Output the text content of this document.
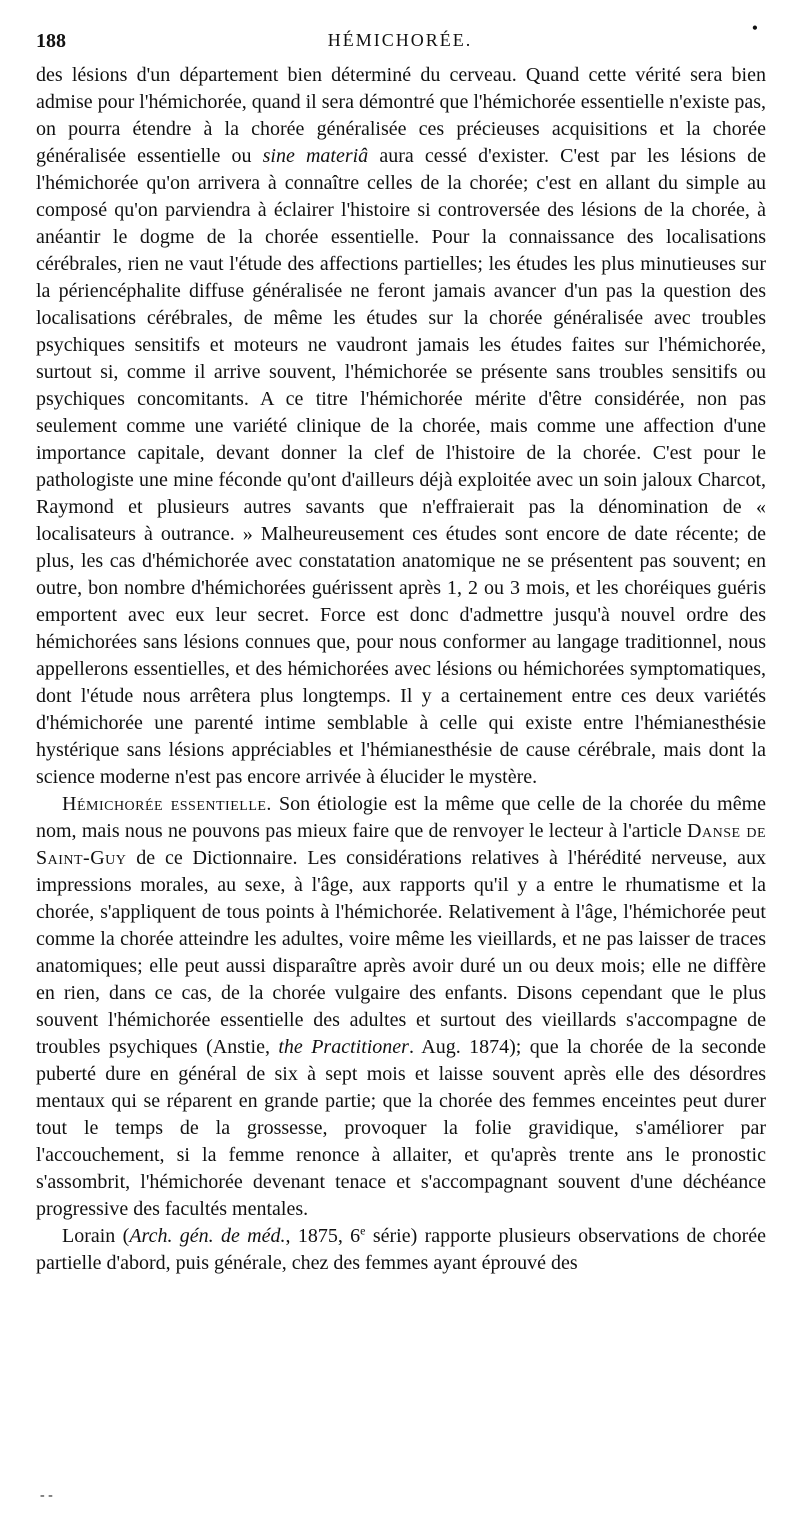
188	HÉMICHORÉE.
•

des lésions d'un département bien déterminé du cerveau. Quand cette vérité sera bien admise pour l'hémichorée, quand il sera démontré que l'hémichorée essentielle n'existe pas, on pourra étendre à la chorée généralisée ces précieuses acquisitions et la chorée généralisée essentielle ou sine materiâ aura cessé d'exister. C'est par les lésions de l'hémichorée qu'on arrivera à connaître celles de la chorée; c'est en allant du simple au composé qu'on parviendra à éclairer l'histoire si controversée des lésions de la chorée, à anéantir le dogme de la chorée essentielle. Pour la connaissance des localisations cérébrales, rien ne vaut l'étude des affections partielles; les études les plus minutieuses sur la périencéphalite diffuse généralisée ne feront jamais avancer d'un pas la question des localisations cérébrales, de même les études sur la chorée généralisée avec troubles psychiques sensitifs et moteurs ne vaudront jamais les études faites sur l'hémichorée, surtout si, comme il arrive souvent, l'hémichorée se présente sans troubles sensitifs ou psychiques concomitants. A ce titre l'hémichorée mérite d'être considérée, non pas seulement comme une variété clinique de la chorée, mais comme une affection d'une importance capitale, devant donner la clef de l'histoire de la chorée. C'est pour le pathologiste une mine féconde qu'ont d'ailleurs déjà exploitée avec un soin jaloux Charcot, Raymond et plusieurs autres savants que n'effraierait pas la dénomination de « localisateurs à outrance. » Malheureusement ces études sont encore de date récente; de plus, les cas d'hémichorée avec constatation anatomique ne se présentent pas souvent; en outre, bon nombre d'hémichorées guérissent après 1, 2 ou 3 mois, et les choréiques guéris emportent avec eux leur secret. Force est donc d'admettre jusqu'à nouvel ordre des hémichorées sans lésions connues que, pour nous conformer au langage traditionnel, nous appellerons essentielles, et des hémichorées avec lésions ou hémichorées symptomatiques, dont l'étude nous arrêtera plus longtemps. Il y a certainement entre ces deux variétés d'hémichorée une parenté intime semblable à celle qui existe entre l'hémianesthésie hystérique sans lésions appréciables et l'hémianesthésie de cause cérébrale, mais dont la science moderne n'est pas encore arrivée à élucider le mystère.

Hémichorée essentielle. Son étiologie est la même que celle de la chorée du même nom, mais nous ne pouvons pas mieux faire que de renvoyer le lecteur à l'article Danse de Saint-Guy de ce Dictionnaire. Les considérations relatives à l'hérédité nerveuse, aux impressions morales, au sexe, à l'âge, aux rapports qu'il y a entre le rhumatisme et la chorée, s'appliquent de tous points à l'hémichorée. Relativement à l'âge, l'hémichorée peut comme la chorée atteindre les adultes, voire même les vieillards, et ne pas laisser de traces anatomiques; elle peut aussi disparaître après avoir duré un ou deux mois; elle ne diffère en rien, dans ce cas, de la chorée vulgaire des enfants. Disons cependant que le plus souvent l'hémichorée essentielle des adultes et surtout des vieillards s'accompagne de troubles psychiques (Anstie, the Practitioner. Aug. 1874); que la chorée de la seconde puberté dure en général de six à sept mois et laisse souvent après elle des désordres mentaux qui se réparent en grande partie; que la chorée des femmes enceintes peut durer tout le temps de la grossesse, provoquer la folie gravidique, s'améliorer par l'accouchement, si la femme renonce à allaiter, et qu'après trente ans le pronostic s'assombrit, l'hémichorée devenant tenace et s'accompagnant souvent d'une déchéance progressive des facultés mentales.

Lorain (Arch. gén. de méd., 1875, 6e série) rapporte plusieurs observations de chorée partielle d'abord, puis générale, chez des femmes ayant éprouvé des

- -
